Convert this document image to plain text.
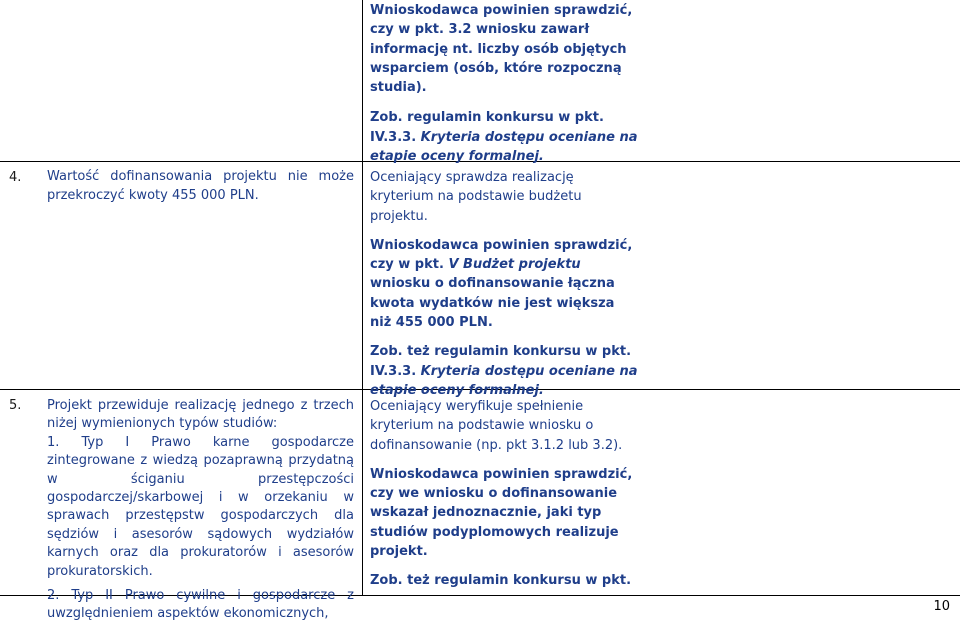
Wnioskodawca powinien sprawdzić, czy w pkt. 3.2 wniosku zawarł informację nt. liczby osób objętych wsparciem (osób, które rozpoczną studia).

Zob. regulamin konkursu w pkt. IV.3.3. Kryteria dostępu oceniane na etapie oceny formalnej.

4. Wartość dofinansowania projektu nie może przekroczyć kwoty 455 000 PLN.

Oceniający sprawdza realizację kryterium na podstawie budżetu projektu.

Wnioskodawca powinien sprawdzić, czy w pkt. V Budżet projektu wniosku o dofinansowanie łączna kwota wydatków nie jest większa niż 455 000 PLN.

Zob. też regulamin konkursu w pkt. IV.3.3. Kryteria dostępu oceniane na etapie oceny formalnej.

5. Projekt przewiduje realizację jednego z trzech niżej wymienionych typów studiów:

1. Typ I Prawo karne gospodarcze zintegrowane z wiedzą pozaprawną przydatną w ściganiu przestępczości gospodarczej/skarbowej i w orzekaniu w sprawach przestępstw gospodarczych dla sędziów i asesorów sądowych wydziałów karnych oraz dla prokuratorów i asesorów prokuratorskich.

2. Typ II Prawo cywilne i gospodarcze z uwzględnieniem aspektów ekonomicznych,

Oceniający weryfikuje spełnienie kryterium na podstawie wniosku o dofinansowanie (np. pkt 3.1.2 lub 3.2).

Wnioskodawca powinien sprawdzić, czy we wniosku o dofinansowanie wskazał jednoznacznie, jaki typ studiów podyplomowych realizuje projekt.

Zob. też regulamin konkursu w pkt.

10
